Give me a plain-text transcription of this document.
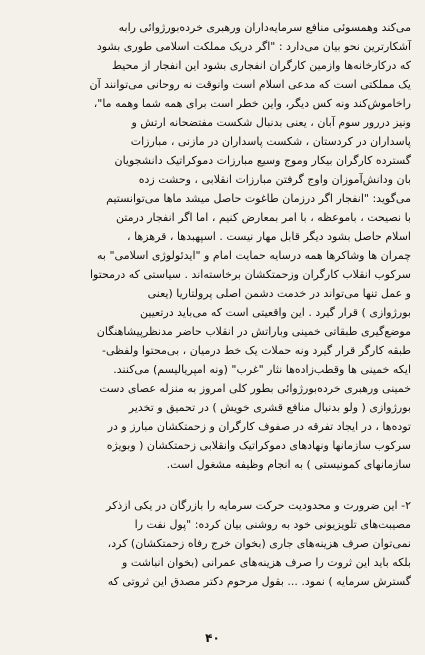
می‌کند وهمسوئی منافع سرمایه‌داران ورهبری خرده‌بورژوائی رابه

آشکارترین نحو بیان می‌دارد : "اگر دریک مملکت اسلامی طوری بشود

که درکارخانه‌ها وازمین کارگران انفجاری بشود این انفجار از محیط

یک مملکتی است که مدعی اسلام است وانوقت نه روحانی می‌توانند آن

راخاموش‌کند ونه کس دیگر، واین خطر است برای همه شما وهمه ما"،

ونیز دررور سوم آبان ، یعنی بدنبال شکست مفتضحانه ارتش و

پاسداران در کردستان ، شکست پاسداران در مازنی ، مبارزات

گسترده کارگران بیکار وموج وسیع مبارزات دموکراتیک دانشجویان

بان ودانش‌آموزان واوج گرفتن مبارزات انقلابی ، وحشت زده

می‌گوید: "انفجار اگر درزمان طاغوت حاصل میشد ماها می‌توانستیم

با نصیحت ، باموعظه ، با امر بمعارض کنیم ، اما اگر انفجار درمتن

اسلام حاصل بشود دیگر قابل مهار نیست . اسپهبدها ، قرهزها ،

چمران ها وشاکرها همه درسایه حمایت امام و "ایدئولوژی اسلامی" به

سرکوب انقلاب کارگران وزحمتکشان برخاسته‌اند . سیاستی که درمحتوا

و عمل تنها می‌تواند در خدمت دشمن اصلی پرولتاریا (یعنی

بورژوازی ) قرار گیرد . این واقعیتی است که می‌باید درتعیین

موضع‌گیری طبقاتی خمینی وباراتش در انقلاب حاضر مدنظرپیشاهنگان

طبقه کارگر قرار گیرد ونه حملات یک خط درمیان ، بی‌محتوا ولفظی-

ایکه خمینی ها وقطب‌زاده‌ها نثار "غرب" (ونه امپریالیسم) می‌کنند.

خمینی ورهبری خرده‌بورژوائی بطور کلی امروز به منزله عصای دست

بورژوازی ( ولو بدنبال منافع قشری خویش ) در تحمیق و تخدیر

توده‌ها ، در ایجاد تفرقه در صفوف کارگران و زحمتکشان مبارز و در

سرکوب سازمانها ونهادهای دموکراتیک وانقلابی زحمتکشان ( وبویژه

سازمانهای کمونیستی ) به انجام وظیفه مشغول است.

۲- این ضرورت و محدودیت حرکت سرمایه را بازرگان در یکی ازذکر

مصیبت‌های تلویزیونی خود به روشنی بیان کرده: "پول نفت را

نمی‌توان صرف هزینه‌های جاری (بخوان خرج رفاه زحمتکشان) کرد،

بلکه باید این ثروت را صرف هزینه‌های عمرانی (بخوان انباشت و

گسترش سرمایه ) نمود. ... بقول مرحوم دکتر مصدق این ثروتی که

۴۰
